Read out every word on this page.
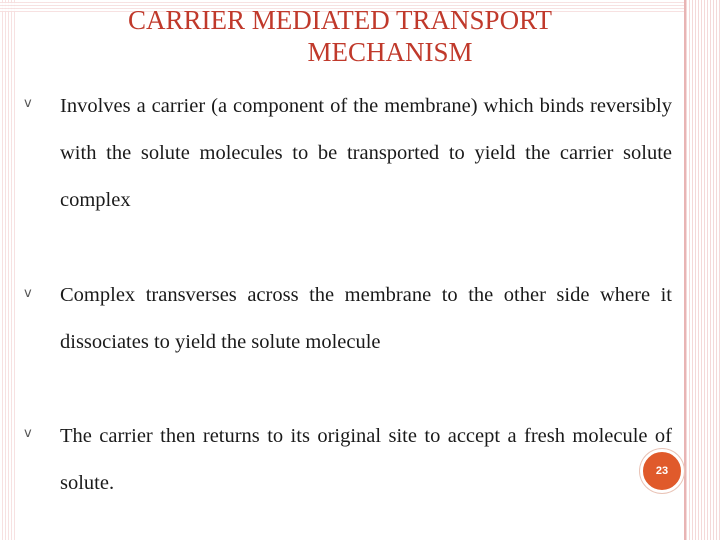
CARRIER MEDIATED TRANSPORT
MECHANISM
v Involves a carrier (a component of the membrane) which binds reversibly with the solute molecules to be transported to yield the carrier solute complex
v Complex transverses across the membrane to the other side where it dissociates to yield the solute molecule
v The carrier then returns to its original site to accept a fresh molecule of solute.
23
